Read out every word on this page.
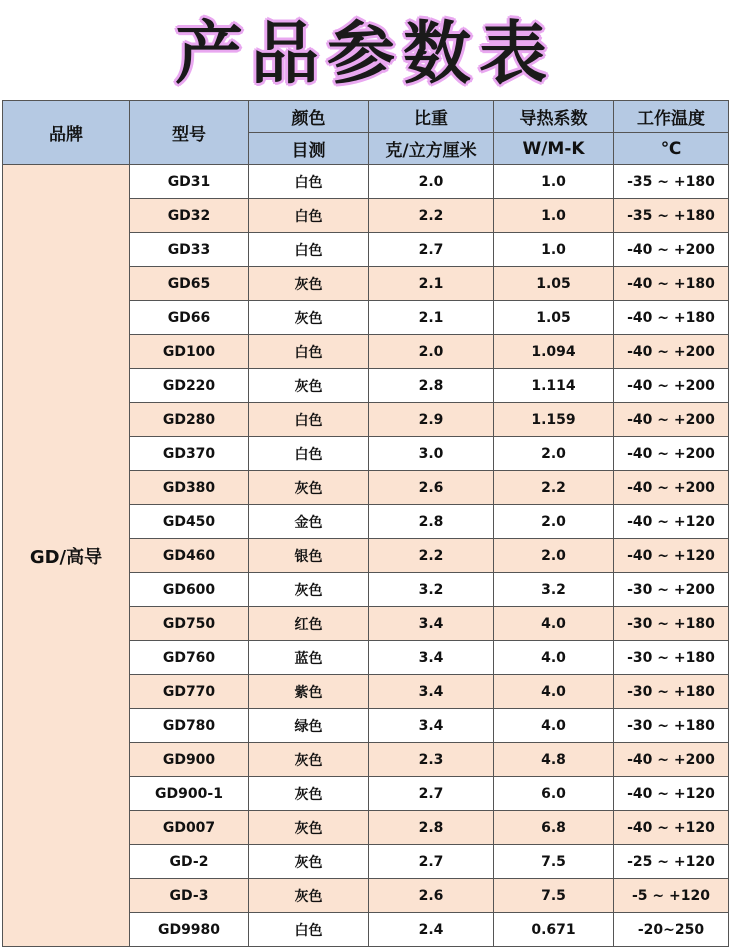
产品参数表
品牌	型号	颜色	比重	导热系数	工作温度
		目测	克/立方厘米	W/M-K	℃
GD/高导	GD31	白色	2.0	1.0	-35 ~ +180
	GD32	白色	2.2	1.0	-35 ~ +180
	GD33	白色	2.7	1.0	-40 ~ +200
	GD65	灰色	2.1	1.05	-40 ~ +180
	GD66	灰色	2.1	1.05	-40 ~ +180
	GD100	白色	2.0	1.094	-40 ~ +200
	GD220	灰色	2.8	1.114	-40 ~ +200
	GD280	白色	2.9	1.159	-40 ~ +200
	GD370	白色	3.0	2.0	-40 ~ +200
	GD380	灰色	2.6	2.2	-40 ~ +200
	GD450	金色	2.8	2.0	-40 ~ +120
	GD460	银色	2.2	2.0	-40 ~ +120
	GD600	灰色	3.2	3.2	-30 ~ +200
	GD750	红色	3.4	4.0	-30 ~ +180
	GD760	蓝色	3.4	4.0	-30 ~ +180
	GD770	紫色	3.4	4.0	-30 ~ +180
	GD780	绿色	3.4	4.0	-30 ~ +180
	GD900	灰色	2.3	4.8	-40 ~ +200
	GD900-1	灰色	2.7	6.0	-40 ~ +120
	GD007	灰色	2.8	6.8	-40 ~ +120
	GD-2	灰色	2.7	7.5	-25 ~ +120
	GD-3	灰色	2.6	7.5	-5 ~ +120
	GD9980	白色	2.4	0.671	-20~250
